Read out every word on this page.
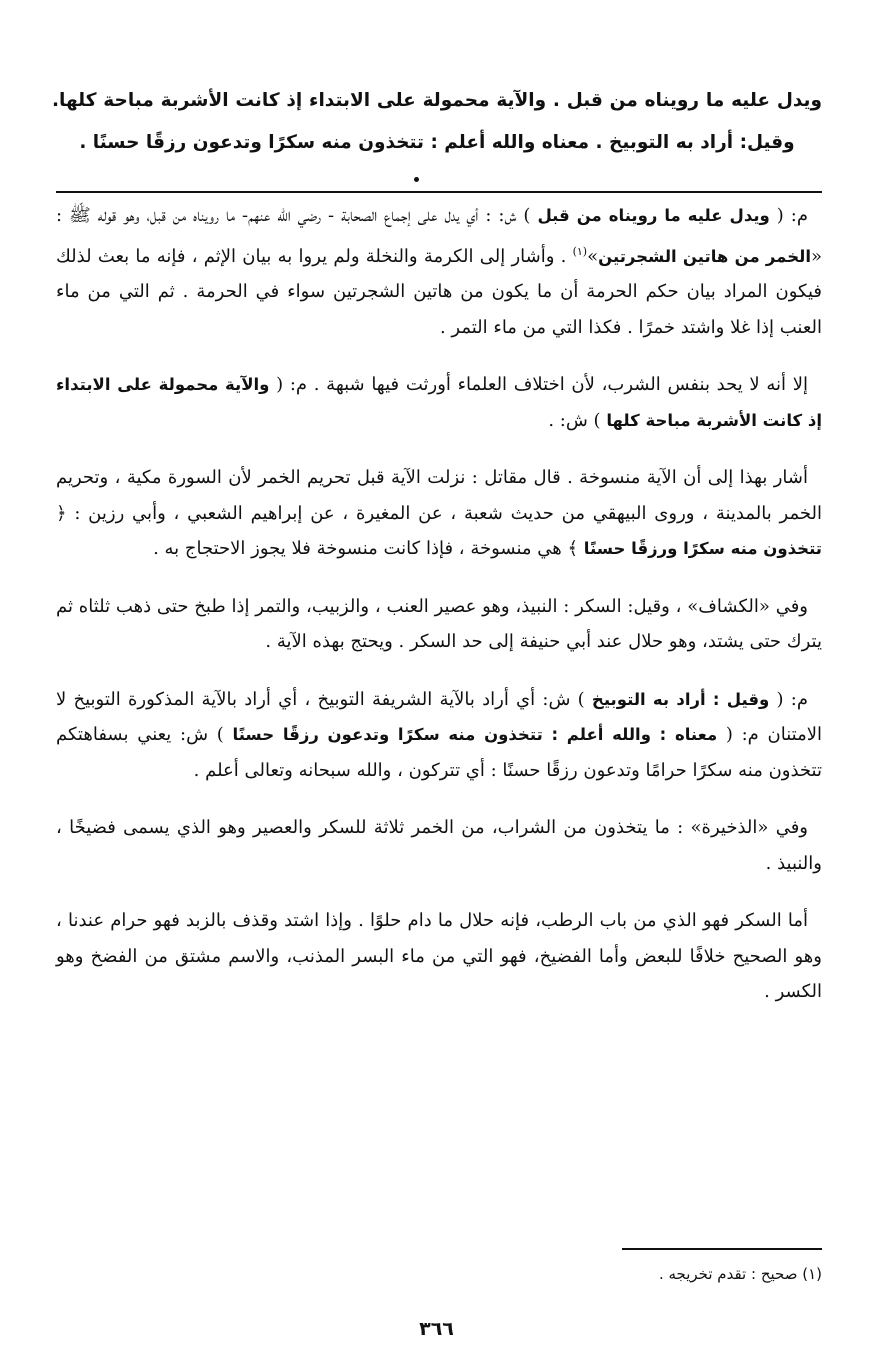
ويدل عليه ما رويناه من قبل . والآية محمولة على الابتداء إذ كانت الأشربة مباحة كلها. وقيل: أراد به التوبيخ . معناه والله أعلم : تتخذون منه سكرًا وتدعون رزقًا حسنًا .

م: ( ويدل عليه ما رويناه من قبل ) ش: : أي يدل على إجماع الصحابة - رضي الله عنهم- ما رويناه من قبل، وهو قوله ﷺ : «الخمر من هاتين الشجرتين»$^{(١)}$ . وأشار إلى الكرمة والنخلة ولم يروا به بيان الإثم ، فإنه ما بعث لذلك فيكون المراد بيان حكم الحرمة أن ما يكون من هاتين الشجرتين سواء في الحرمة . ثم التي من ماء العنب إذا غلا واشتد خمرًا . فكذا التي من ماء التمر .

إلا أنه لا يحد بنفس الشرب، لأن اختلاف العلماء أورثت فيها شبهة . م: ( والآية محمولة على الابتداء إذ كانت الأشربة مباحة كلها ) ش: .

أشار بهذا إلى أن الآية منسوخة . قال مقاتل : نزلت الآية قبل تحريم الخمر لأن السورة مكية ، وتحريم الخمر بالمدينة ، وروى البيهقي من حديث شعبة ، عن المغيرة ، عن إبراهيم الشعبي ، وأبي رزين : ﴿ تتخذون منه سكرًا ورزقًا حسنًا ﴾ هي منسوخة ، فإذا كانت منسوخة فلا يجوز الاحتجاج به .

وفي «الكشاف» ، وقيل: السكر : النبيذ، وهو عصير العنب ، والزبيب، والتمر إذا طبخ حتى ذهب ثلثاه ثم يترك حتى يشتد، وهو حلال عند أبي حنيفة إلى حد السكر . ويحتج بهذه الآية .

م: ( وقيل : أراد به التوبيخ ) ش: أي أراد بالآية الشريفة التوبيخ ، أي أراد بالآية المذكورة التوبيخ لا الامتنان م: ( معناه : والله أعلم : تتخذون منه سكرًا وتدعون رزقًا حسنًا ) ش: يعني بسفاهتكم تتخذون منه سكرًا حرامًا وتدعون رزقًا حسنًا : أي تتركون ، والله سبحانه وتعالى أعلم .

وفي «الذخيرة» : ما يتخذون من الشراب، من الخمر ثلاثة للسكر والعصير وهو الذي يسمى فضيخًا ، والنبيذ .

أما السكر فهو الذي من باب الرطب، فإنه حلال ما دام حلوًا . وإذا اشتد وقذف بالزبد فهو حرام عندنا ، وهو الصحيح خلافًا للبعض وأما الفضيخ، فهو التي من ماء البسر المذنب، والاسم مشتق من الفضخ وهو الكسر .

(١) صحيح : تقدم تخريجه .
٣٦٦
